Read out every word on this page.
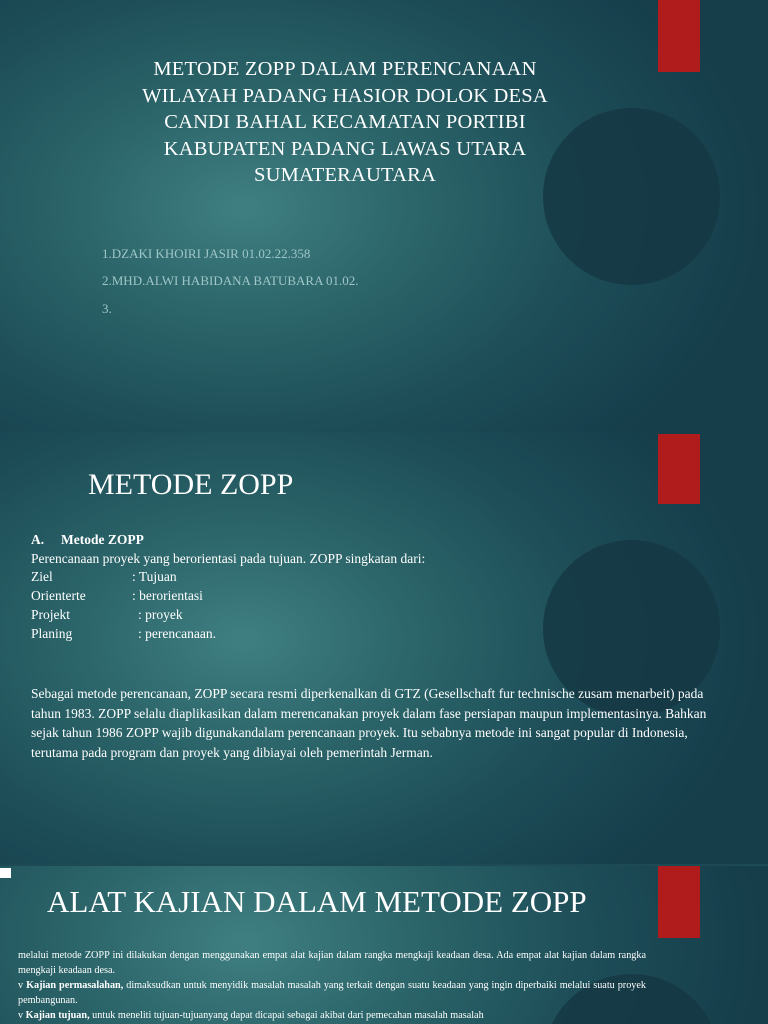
METODE ZOPP DALAM PERENCANAAN WILAYAH PADANG HASIOR DOLOK DESA CANDI BAHAL KECAMATAN PORTIBI KABUPATEN PADANG LAWAS UTARA SUMATERAUTARA
1.DZAKI KHOIRI JASIR 01.02.22.358
2.MHD.ALWI HABIDANA BATUBARA 01.02.
3.
METODE ZOPP
A.     Metode ZOPP
Perencanaan proyek yang berorientasi pada tujuan. ZOPP singkatan dari:
Ziel	: Tujuan
Orienterte	: berorientasi
Projekt	: proyek
Planing	: perencanaan.
Sebagai metode perencanaan, ZOPP secara resmi diperkenalkan di GTZ (Gesellschaft fur technische zusam menarbeit) pada tahun 1983. ZOPP selalu diaplikasikan dalam merencanakan proyek dalam fase persiapan maupun implementasinya. Bahkan sejak tahun 1986 ZOPP wajib digunakandalam perencanaan proyek. Itu sebabnya metode ini sangat popular di Indonesia, terutama pada program dan proyek yang dibiayai oleh pemerintah Jerman.
ALAT KAJIAN DALAM METODE ZOPP
melalui metode ZOPP ini dilakukan dengan menggunakan empat alat kajian dalam rangka mengkaji keadaan desa. Ada empat alat kajian dalam rangka mengkaji keadaan desa.
v Kajian permasalahan, dimaksudkan untuk menyidik masalah masalah yang terkait dengan suatu keadaan yang ingin diperbaiki melalui suatu proyek pembangunan.
v Kajian tujuan, untuk meneliti tujuan-tujuanyang dapat dicapai sebagai akibat dari pemecahan masalah masalah
